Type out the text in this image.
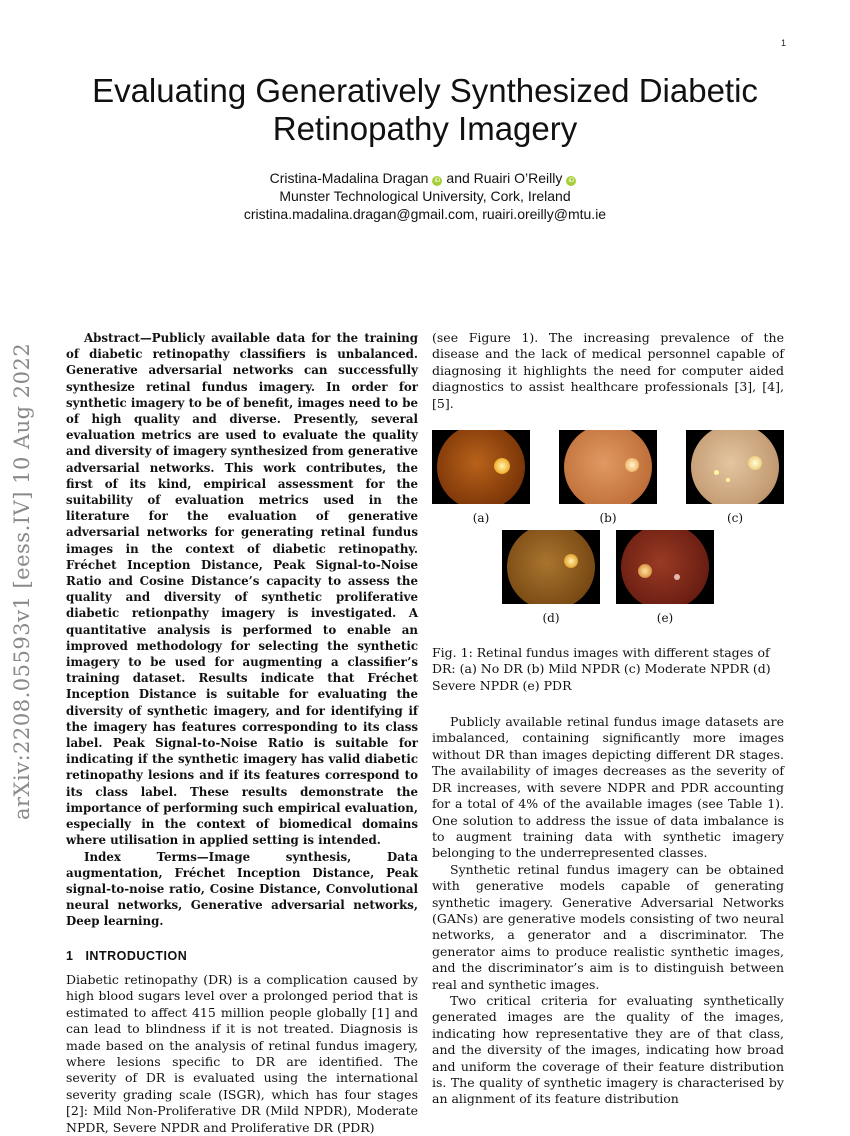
1
arXiv:2208.05593v1 [eess.IV] 10 Aug 2022
Evaluating Generatively Synthesized Diabetic Retinopathy Imagery
Cristina-Madalina Dragan iD and Ruairi O’Reilly iD
Munster Technological University, Cork, Ireland
cristina.madalina.dragan@gmail.com, ruairi.oreilly@mtu.ie

Abstract—Publicly available data for the training of diabetic retinopathy classifiers is unbalanced. Generative adversarial networks can successfully synthesize retinal fundus imagery. In order for synthetic imagery to be of benefit, images need to be of high quality and diverse. Presently, several evaluation metrics are used to evaluate the quality and diversity of imagery synthesized from generative adversarial networks. This work contributes, the first of its kind, empirical assessment for the suitability of evaluation metrics used in the literature for the evaluation of generative adversarial networks for generating retinal fundus images in the context of diabetic retinopathy. Fréchet Inception Distance, Peak Signal-to-Noise Ratio and Cosine Distance’s capacity to assess the quality and diversity of synthetic proliferative diabetic retionpathy imagery is investigated. A quantitative analysis is performed to enable an improved methodology for selecting the synthetic imagery to be used for augmenting a classifier’s training dataset. Results indicate that Fréchet Inception Distance is suitable for evaluating the diversity of synthetic imagery, and for identifying if the imagery has features corresponding to its class label. Peak Signal-to-Noise Ratio is suitable for indicating if the synthetic imagery has valid diabetic retinopathy lesions and if its features correspond to its class label. These results demonstrate the importance of performing such empirical evaluation, especially in the context of biomedical domains where utilisation in applied setting is intended.

Index Terms—Image synthesis, Data augmentation, Fréchet Inception Distance, Peak signal-to-noise ratio, Cosine Distance, Convolutional neural networks, Generative adversarial networks, Deep learning.

1 INTRODUCTION

Diabetic retinopathy (DR) is a complication caused by high blood sugars level over a prolonged period that is estimated to affect 415 million people globally [1] and can lead to blindness if it is not treated. Diagnosis is made based on the analysis of retinal fundus imagery, where lesions specific to DR are identified. The severity of DR is evaluated using the international severity grading scale (ISGR), which has four stages [2]: Mild Non-Proliferative DR (Mild NPDR), Moderate NPDR, Severe NPDR and Proliferative DR (PDR)

(see Figure 1). The increasing prevalence of the disease and the lack of medical personnel capable of diagnosing it highlights the need for computer aided diagnostics to assist healthcare professionals [3], [4], [5].

(a)	(b)	(c)
(d)	(e)

Fig. 1: Retinal fundus images with different stages of DR: (a) No DR (b) Mild NPDR (c) Moderate NPDR (d) Severe NPDR (e) PDR

Publicly available retinal fundus image datasets are imbalanced, containing significantly more images without DR than images depicting different DR stages. The availability of images decreases as the severity of DR increases, with severe NDPR and PDR accounting for a total of 4% of the available images (see Table 1). One solution to address the issue of data imbalance is to augment training data with synthetic imagery belonging to the underrepresented classes.

Synthetic retinal fundus imagery can be obtained with generative models capable of generating synthetic imagery. Generative Adversarial Networks (GANs) are generative models consisting of two neural networks, a generator and a discriminator. The generator aims to produce realistic synthetic images, and the discriminator’s aim is to distinguish between real and synthetic images.

Two critical criteria for evaluating synthetically generated images are the quality of the images, indicating how representative they are of that class, and the diversity of the images, indicating how broad and uniform the coverage of their feature distribution is. The quality of synthetic imagery is characterised by an alignment of its feature distribution
